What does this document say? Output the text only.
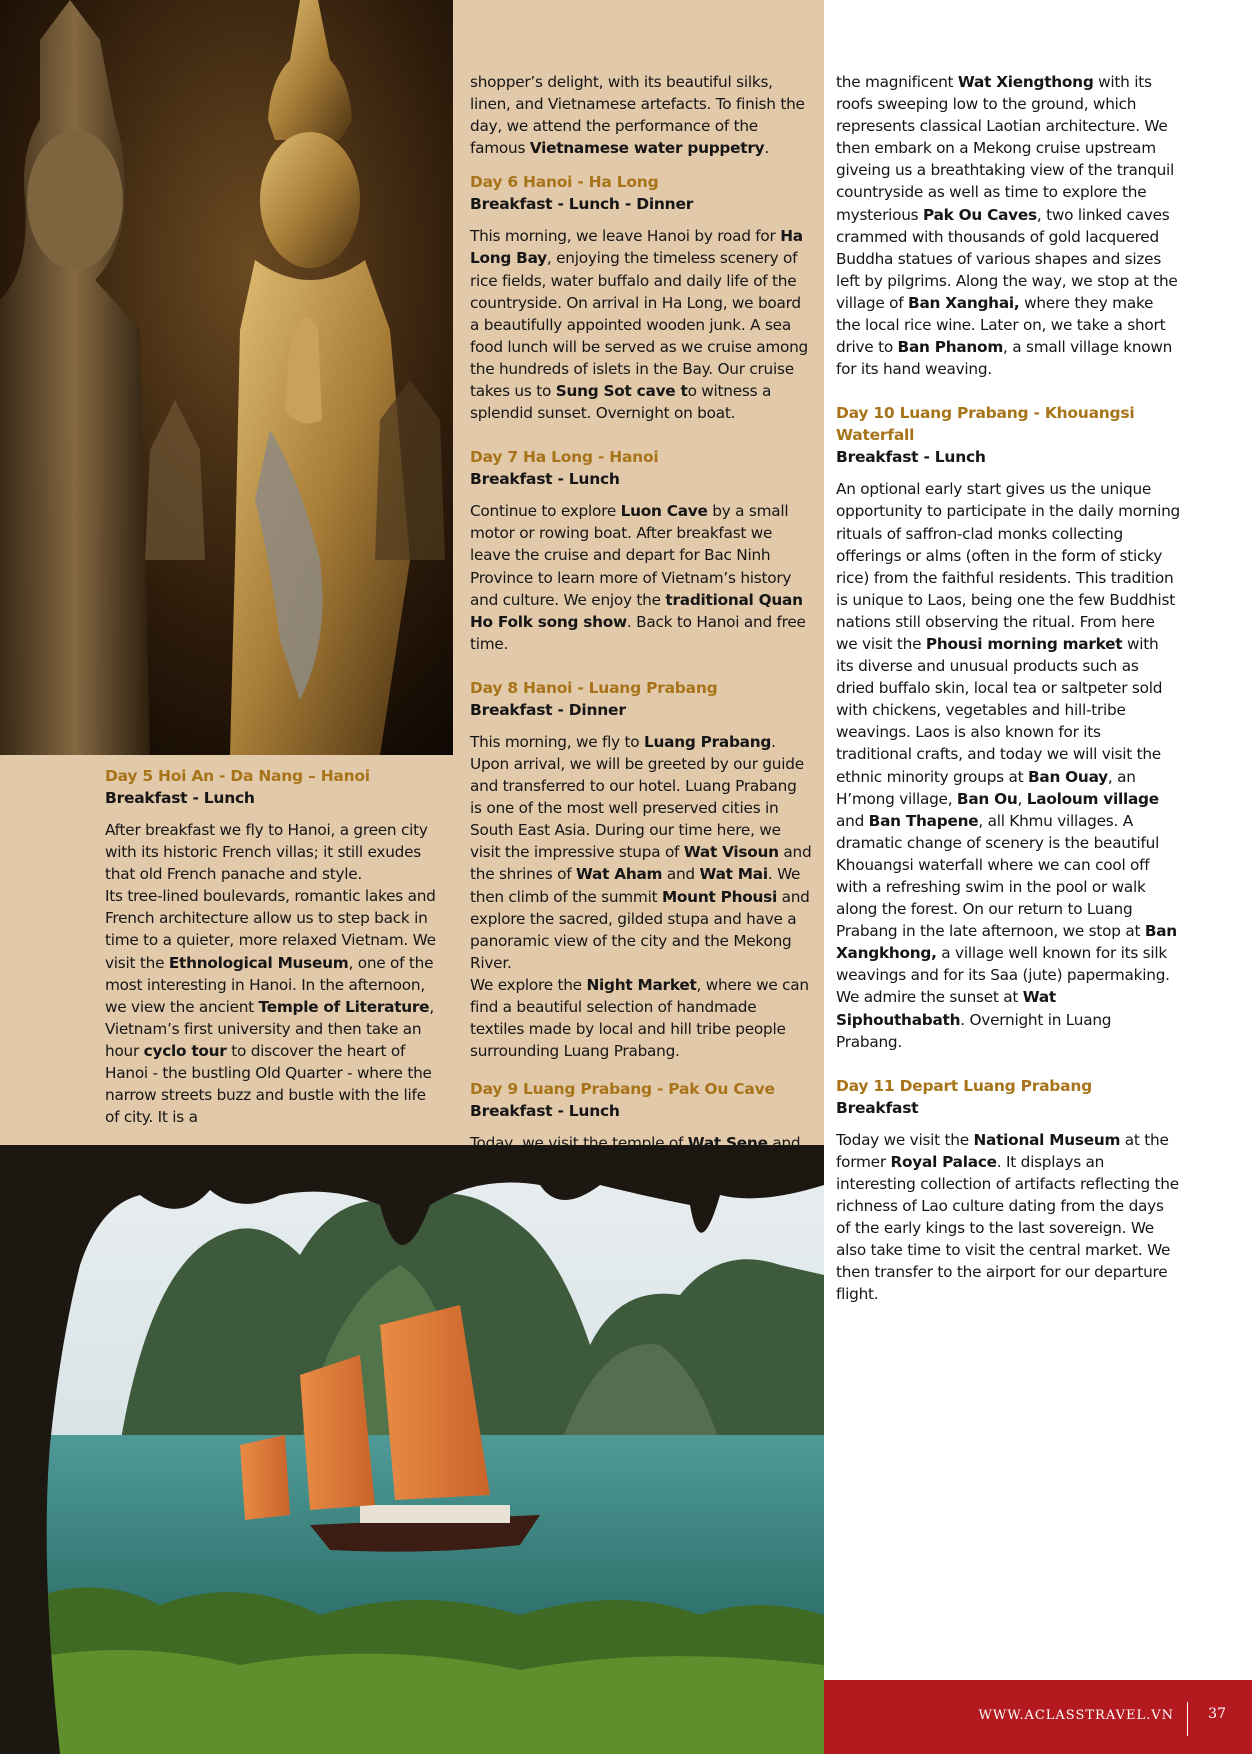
Day 5 Hoi An - Da Nang – Hanoi
Breakfast - Lunch

After breakfast we fly to Hanoi, a green city with its historic French villas; it still exudes that old French panache and style.
Its tree-lined boulevards, romantic lakes and French architecture allow us to step back in time to a quieter, more relaxed Vietnam. We visit the Ethnological Museum, one of the most interesting in Hanoi. In the afternoon, we view the ancient Temple of Literature, Vietnam’s first university and then take an hour cyclo tour to discover the heart of Hanoi - the bustling Old Quarter - where the narrow streets buzz and bustle with the life of city. It is a

shopper’s delight, with its beautiful silks, linen, and Vietnamese artefacts. To finish the day, we attend the performance of the famous Vietnamese water puppetry.

Day 6 Hanoi - Ha Long
Breakfast - Lunch - Dinner

This morning, we leave Hanoi by road for Ha Long Bay, enjoying the timeless scenery of rice fields, water buffalo and daily life of the countryside. On arrival in Ha Long, we board a beautifully appointed wooden junk. A sea food lunch will be served as we cruise among the hundreds of islets in the Bay. Our cruise takes us to Sung Sot cave to witness a splendid sunset. Overnight on boat.

Day 7 Ha Long - Hanoi
Breakfast - Lunch

Continue to explore Luon Cave by a small motor or rowing boat. After breakfast we leave the cruise and depart for Bac Ninh Province to learn more of Vietnam’s history and culture. We enjoy the traditional Quan Ho Folk song show. Back to Hanoi and free time.

Day 8 Hanoi - Luang Prabang
Breakfast - Dinner

This morning, we fly to Luang Prabang. Upon arrival, we will be greeted by our guide and transferred to our hotel. Luang Prabang is one of the most well preserved cities in South East Asia. During our time here, we visit the impressive stupa of Wat Visoun and the shrines of Wat Aham and Wat Mai. We then climb of the summit Mount Phousi and explore the sacred, gilded stupa and have a panoramic view of the city and the Mekong River.
We explore the Night Market, where we can find a beautiful selection of handmade textiles made by local and hill tribe people surrounding Luang Prabang.

Day 9 Luang Prabang - Pak Ou Cave
Breakfast - Lunch

Today, we visit the temple of Wat Sene and

the magnificent Wat Xiengthong with its roofs sweeping low to the ground, which represents classical Laotian architecture. We then embark on a Mekong cruise upstream giveing us a breathtaking view of the tranquil countryside as well as time to explore the mysterious Pak Ou Caves, two linked caves crammed with thousands of gold lacquered Buddha statues of various shapes and sizes left by pilgrims. Along the way, we stop at the village of Ban Xanghai, where they make the local rice wine. Later on, we take a short drive to Ban Phanom, a small village known for its hand weaving.

Day 10 Luang Prabang - Khouangsi Waterfall
Breakfast - Lunch

An optional early start gives us the unique opportunity to participate in the daily morning rituals of saffron-clad monks collecting offerings or alms (often in the form of sticky rice) from the faithful residents. This tradition is unique to Laos, being one the few Buddhist nations still observing the ritual. From here we visit the Phousi morning market with its diverse and unusual products such as dried buffalo skin, local tea or saltpeter sold with chickens, vegetables and hill-tribe weavings. Laos is also known for its traditional crafts, and today we will visit the ethnic minority groups at Ban Ouay, an H’mong village, Ban Ou, Laoloum village and Ban Thapene, all Khmu villages. A dramatic change of scenery is the beautiful Khouangsi waterfall where we can cool off with a refreshing swim in the pool or walk along the forest. On our return to Luang Prabang in the late afternoon, we stop at Ban Xangkhong, a village well known for its silk weavings and for its Saa (jute) papermaking. We admire the sunset at Wat Siphouthabath. Overnight in Luang Prabang.

Day 11 Depart Luang Prabang
Breakfast

Today we visit the National Museum at the former Royal Palace. It displays an interesting collection of artifacts reflecting the richness of Lao culture dating from the days of the early kings to the last sovereign. We also take time to visit the central market. We then transfer to the airport for our departure flight.

WWW.ACLASSTRAVEL.VN 37
